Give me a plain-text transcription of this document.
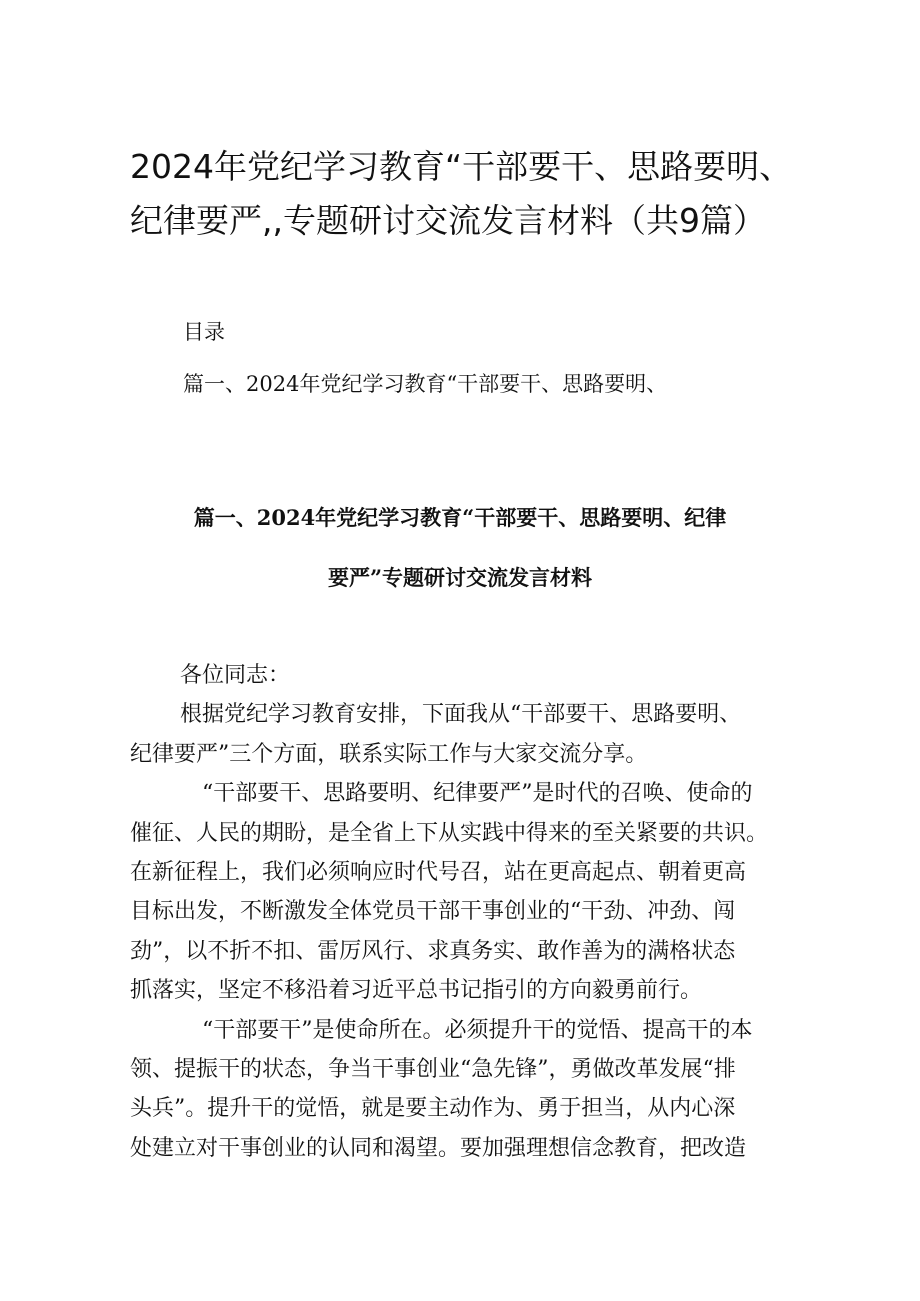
2024年党纪学习教育“干部要干、思路要明、
纪律要严,,专题研讨交流发言材料（共9篇）

目录

篇一、2024年党纪学习教育“干部要干、思路要明、

篇一、2024年党纪学习教育“干部要干、思路要明、纪律
要严”专题研讨交流发言材料

各位同志：

根据党纪学习教育安排，下面我从“干部要干、思路要明、
纪律要严”三个方面，联系实际工作与大家交流分享。

“干部要干、思路要明、纪律要严”是时代的召唤、使命的
催征、人民的期盼，是全省上下从实践中得来的至关紧要的共识。
在新征程上，我们必须响应时代号召，站在更高起点、朝着更高
目标出发，不断激发全体党员干部干事创业的“干劲、冲劲、闯
劲”，以不折不扣、雷厉风行、求真务实、敢作善为的满格状态
抓落实，坚定不移沿着习近平总书记指引的方向毅勇前行。

“干部要干”是使命所在。必须提升干的觉悟、提高干的本
领、提振干的状态，争当干事创业“急先锋”，勇做改革发展“排
头兵”。提升干的觉悟，就是要主动作为、勇于担当，从内心深
处建立对干事创业的认同和渴望。要加强理想信念教育，把改造
